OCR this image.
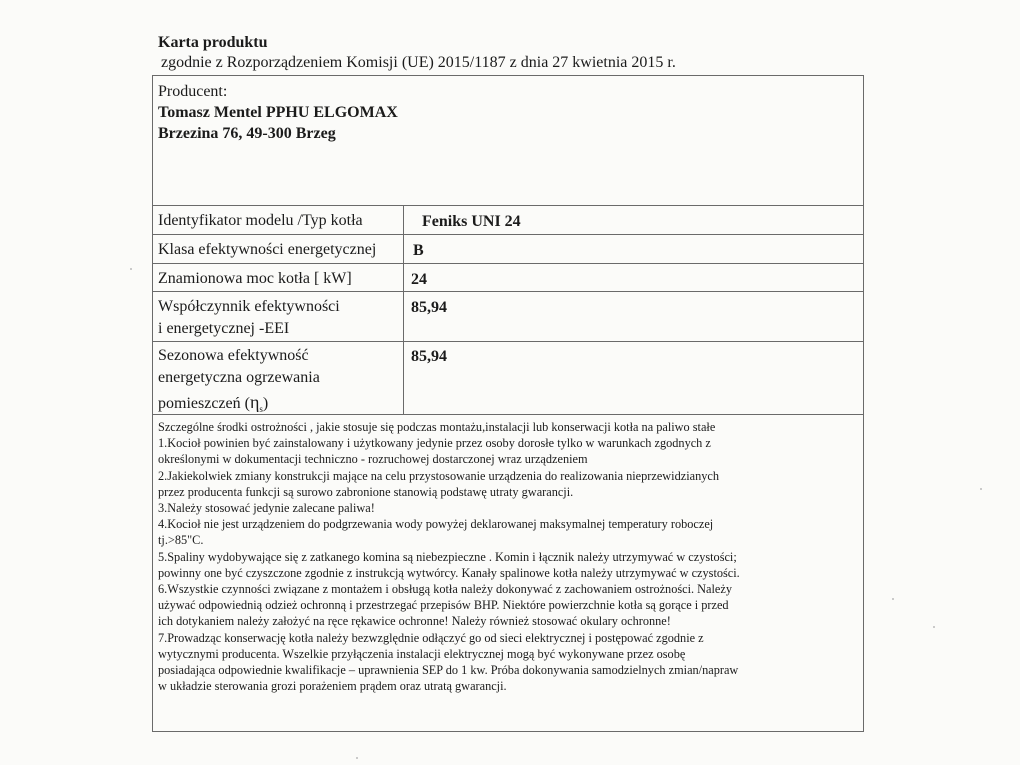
Karta produktu
zgodnie z Rozporządzeniem Komisji (UE) 2015/1187 z dnia 27 kwietnia 2015 r.
Producent:
Tomasz Mentel PPHU ELGOMAX
Brzezina 76, 49-300 Brzeg
Identyfikator modelu /Typ kotła	Feniks UNI 24
Klasa efektywności energetycznej B
Znamionowa moc kotła [ kW]	24
Współczynnik efektywności
i energetycznej -EEI
85,94
Sezonowa efektywność
energetyczna ogrzewania
pomieszczeń $(\eta_s)$
85,94

Szczególne środki ostrożności , jakie stosuje się podczas montażu,instalacji lub konserwacji kotła na paliwo stałe

1.Kocioł powinien być zainstalowany i użytkowany jedynie przez osoby dorosłe tylko w warunkach zgodnych z

określonymi w dokumentacji techniczno - rozruchowej dostarczonej wraz urządzeniem

2.Jakiekolwiek zmiany konstrukcji mające na celu przystosowanie urządzenia do realizowania nieprzewidzianych

przez producenta funkcji są surowo zabronione stanowią podstawę utraty gwarancji.

3.Należy stosować jedynie zalecane paliwa!

4.Kocioł nie jest urządzeniem do podgrzewania wody powyżej deklarowanej maksymalnej temperatury roboczej

tj.>85"C.

5.Spaliny wydobywające się z zatkanego komina są niebezpieczne . Komin i łącznik należy utrzymywać w czystości;

powinny one być czyszczone zgodnie z instrukcją wytwórcy. Kanały spalinowe kotła należy utrzymywać w czystości.

6.Wszystkie czynności związane z montażem i obsługą kotła należy dokonywać z zachowaniem ostrożności. Należy

używać odpowiednią odzież ochronną i przestrzegać przepisów BHP. Niektóre powierzchnie kotła są gorące i przed

ich dotykaniem należy założyć na ręce rękawice ochronne! Należy również stosować okulary ochronne!

7.Prowadząc konserwację kotła należy bezwzględnie odłączyć go od sieci elektrycznej i postępować zgodnie z

wytycznymi producenta. Wszelkie przyłączenia instalacji elektrycznej mogą być wykonywane przez osobę

posiadająca odpowiednie kwalifikacje – uprawnienia SEP do 1 kw. Próba dokonywania samodzielnych zmian/napraw

w układzie sterowania grozi porażeniem prądem oraz utratą gwarancji.
